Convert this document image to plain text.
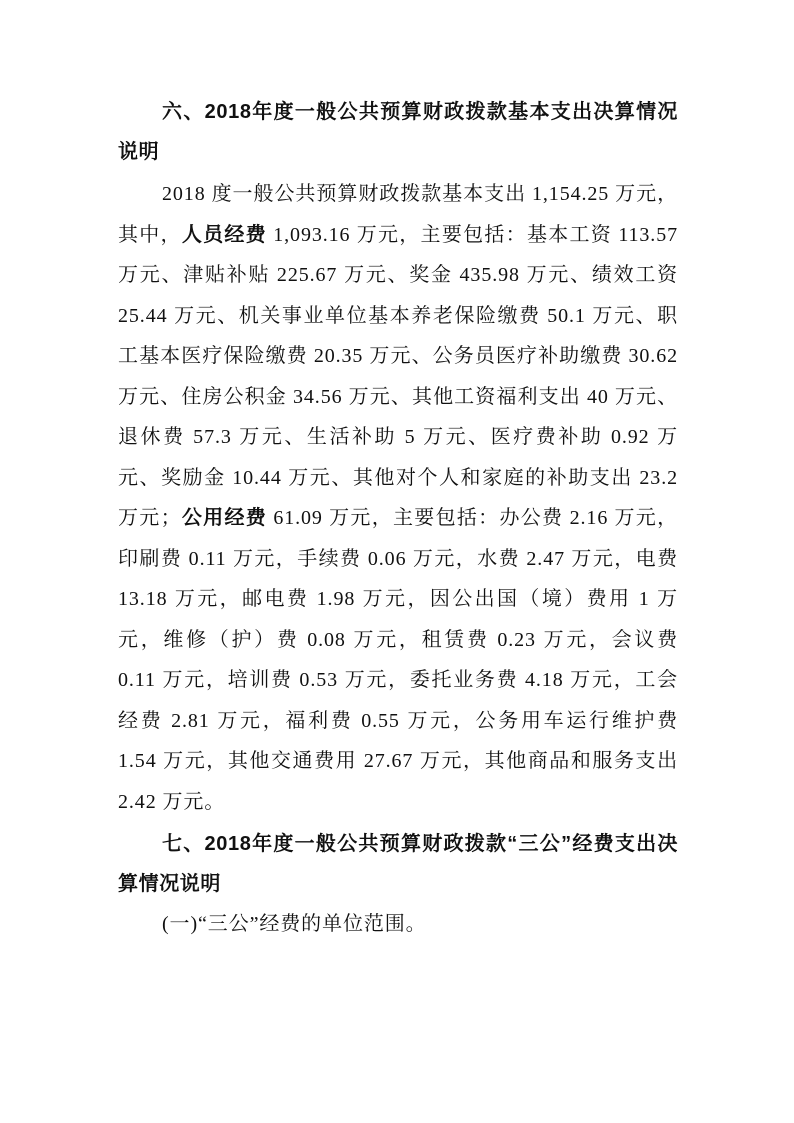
六、2018年度一般公共预算财政拨款基本支出决算情况说明

2018 度一般公共预算财政拨款基本支出 1,154.25 万元，其中，人员经费 1,093.16 万元，主要包括：基本工资 113.57 万元、津贴补贴 225.67 万元、奖金 435.98 万元、绩效工资 25.44 万元、机关事业单位基本养老保险缴费 50.1 万元、职工基本医疗保险缴费 20.35 万元、公务员医疗补助缴费 30.62 万元、住房公积金 34.56 万元、其他工资福利支出 40 万元、退休费 57.3 万元、生活补助 5 万元、医疗费补助 0.92 万元、奖励金 10.44 万元、其他对个人和家庭的补助支出 23.2 万元；公用经费 61.09 万元，主要包括：办公费 2.16 万元，印刷费 0.11 万元，手续费 0.06 万元，水费 2.47 万元，电费 13.18 万元，邮电费 1.98 万元，因公出国（境）费用 1 万元，维修（护）费 0.08 万元，租赁费 0.23 万元，会议费 0.11 万元，培训费 0.53 万元，委托业务费 4.18 万元，工会经费 2.81 万元，福利费 0.55 万元，公务用车运行维护费 1.54 万元，其他交通费用 27.67 万元，其他商品和服务支出 2.42 万元。

七、2018年度一般公共预算财政拨款“三公”经费支出决算情况说明

(一)“三公”经费的单位范围。
